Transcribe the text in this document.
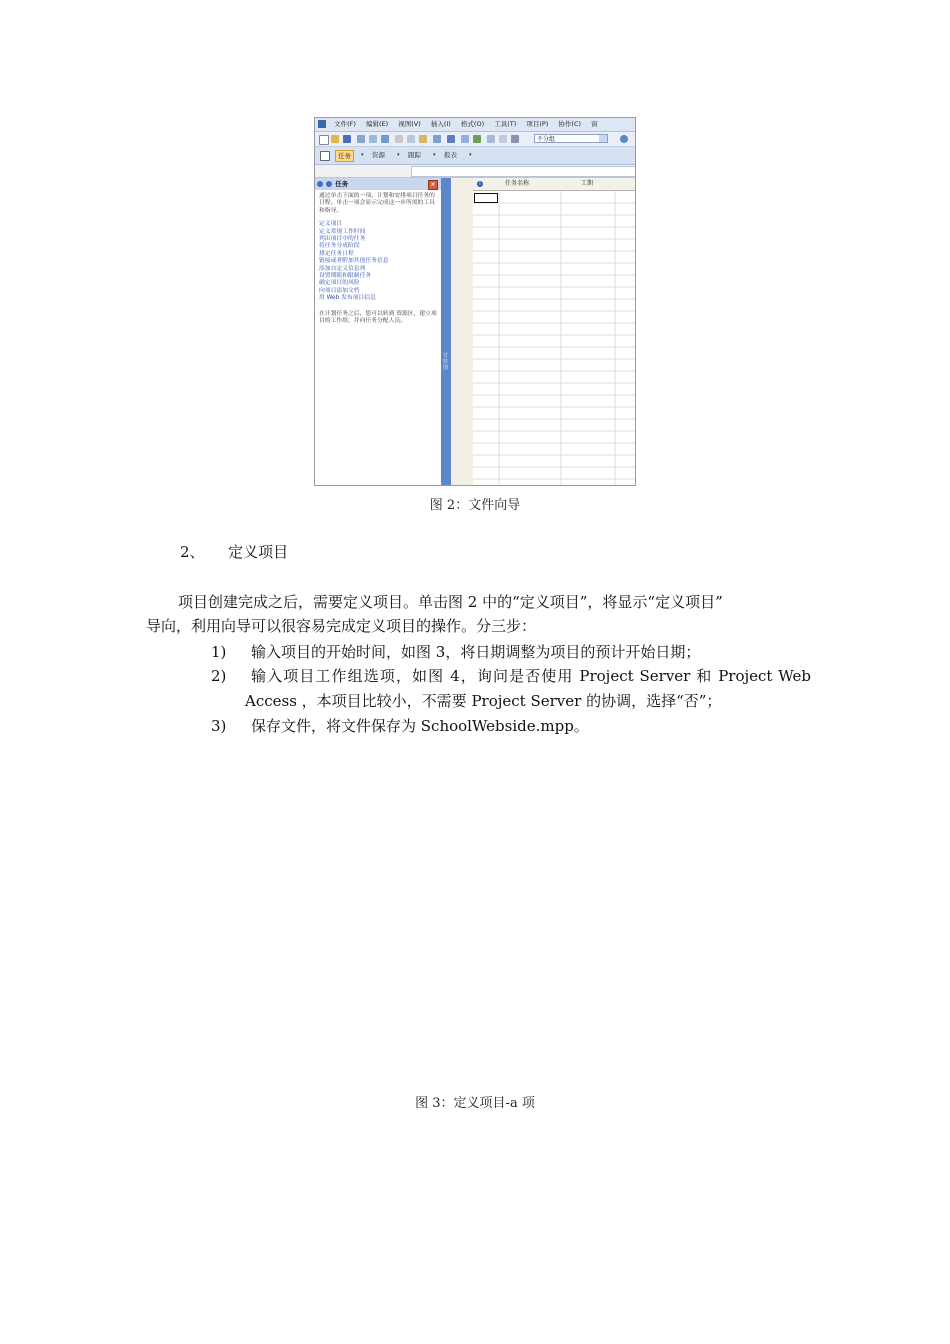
文件(F) 编辑(E) 视图(V) 插入(I) 格式(O) 工具(T) 项目(P) 协作(C) 窗
不分组
任务	▾	资源	▾	跟踪	▾	报表	▾
任务	×
通过单击下面的一项，计划和安排项目任务的日程。单击一项会显示完成这一步所需的工具和指导。
定义项目
定义常规工作时间
列出项目中的任务
将任务分成阶段
排定任务日程
链接或者附加其他任务信息
添加自定义信息列
设置期限和限制任务
确定项目的风险
向项目添加文档
用 Web 发布项目信息
在计划任务之后，您可以转到 资源区，建立项目的工作组，并向任务分配人员。
甘特图
i	任务名称	工期
图 2：文件向导
2、 定义项目
项目创建完成之后，需要定义项目。单击图 2 中的“定义项目”，将显示“定义项目”
导向，利用向导可以很容易完成定义项目的操作。分三步：
1) 输入项目的开始时间，如图 3，将日期调整为项目的预计开始日期；
2) 输入项目工作组选项，如图 4，询问是否使用 Project Server 和 Project Web
Access ，本项目比较小，不需要 Project Server 的协调，选择“否”；
3) 保存文件，将文件保存为 SchoolWebside.mpp。
图 3：定义项目-a 项
